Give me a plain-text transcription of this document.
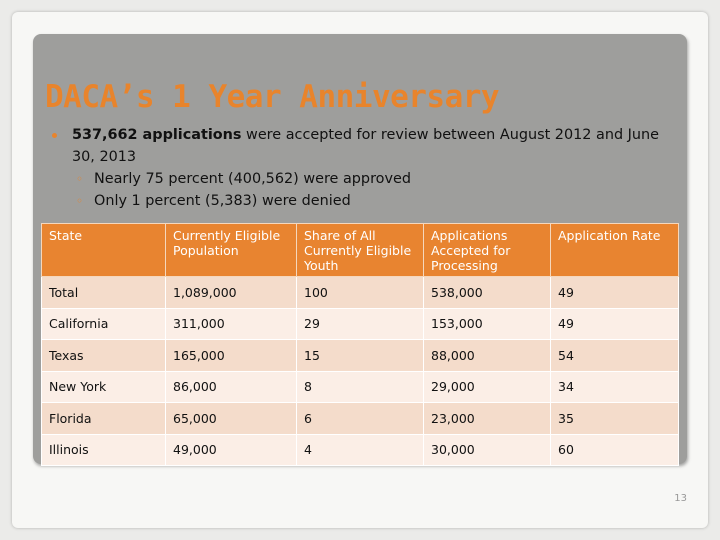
DACA’s 1 Year Anniversary
537,662 applications were accepted for review between August 2012 and June 30, 2013
◦ Nearly 75 percent (400,562) were approved
◦ Only 1 percent (5,383) were denied
State	Currently Eligible Population	Share of All Currently Eligible Youth	Applications Accepted for Processing	Application Rate
Total	1,089,000	100	538,000	49
California	311,000	29	153,000	49
Texas	165,000	15	88,000	54
New York	86,000	8	29,000	34
Florida	65,000	6	23,000	35
Illinois	49,000	4	30,000	60
13
